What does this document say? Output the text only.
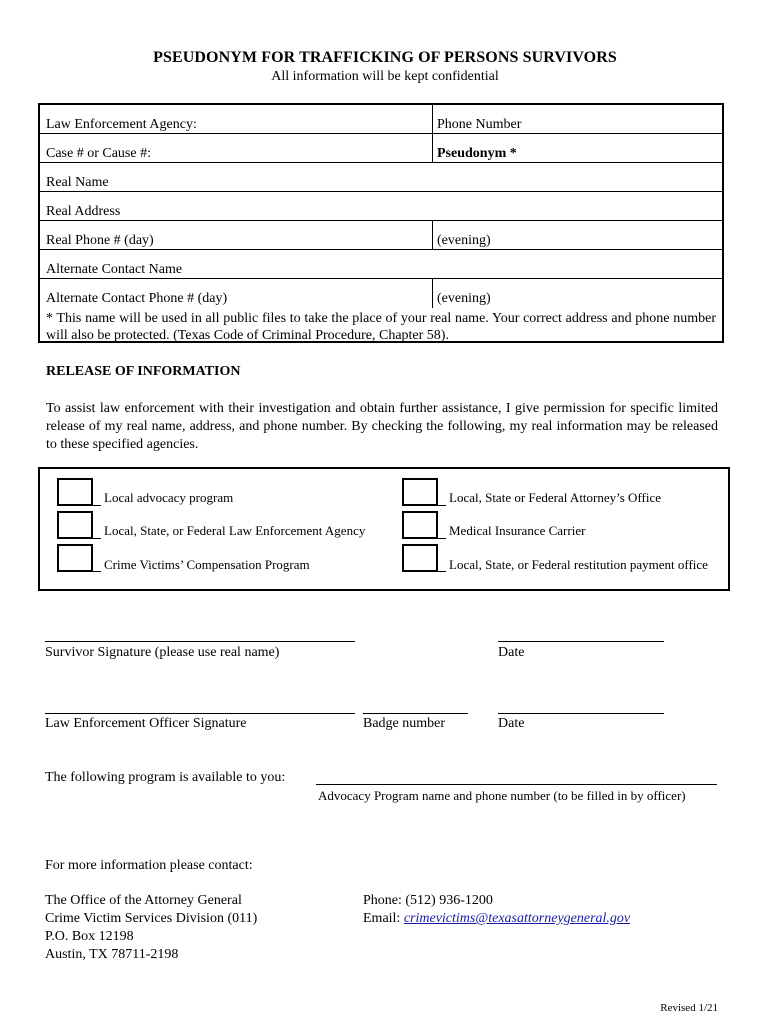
PSEUDONYM FOR TRAFFICKING OF PERSONS SURVIVORS
All information will be kept confidential
Law Enforcement Agency:	Phone Number
Case # or Cause #:	Pseudonym *
Real Name
Real Address
Real Phone # (day)	(evening)
Alternate Contact Name
Alternate Contact Phone # (day)	(evening)
* This name will be used in all public files to take the place of your real name. Your correct address and phone number will also be protected. (Texas Code of Criminal Procedure, Chapter 58).
RELEASE OF INFORMATION
To assist law enforcement with their investigation and obtain further assistance, I give permission for specific limited release of my real name, address, and phone number. By checking the following, my real information may be released to these specified agencies.
Local advocacy program
Local, State, or Federal Law Enforcement Agency
Crime Victims’ Compensation Program
Local, State or Federal Attorney’s Office
Medical Insurance Carrier
Local, State, or Federal restitution payment office
Survivor Signature (please use real name)	Date
Law Enforcement Officer Signature	Badge number	Date
The following program is available to you:
Advocacy Program name and phone number (to be filled in by officer)
For more information please contact:
The Office of the Attorney General
Crime Victim Services Division (011)
P.O. Box 12198
Austin, TX 78711-2198
Phone: (512) 936-1200
Email: crimevictims@texasattorneygeneral.gov
Revised 1/21
